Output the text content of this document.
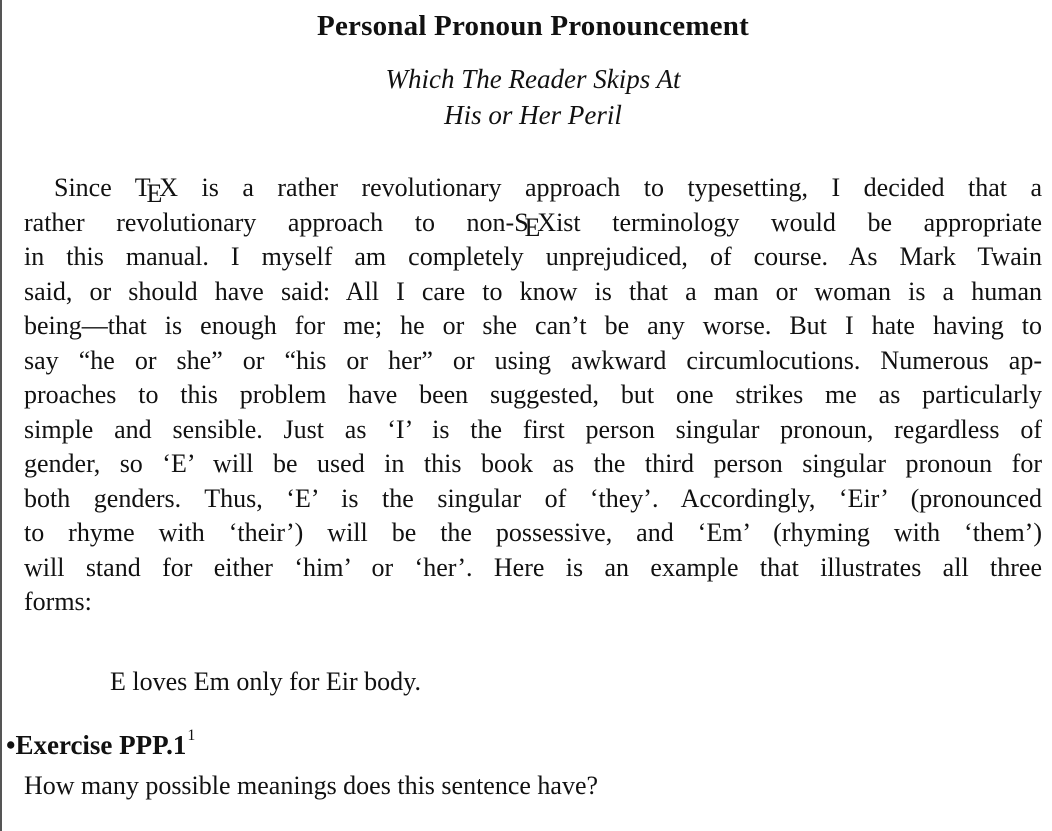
Personal Pronoun Pronouncement
Which The Reader Skips At
His or Her Peril
Since TEX is a rather revolutionary approach to typesetting, I decided that a
rather revolutionary approach to non-SEXist terminology would be appropriate
in this manual. I myself am completely unprejudiced, of course. As Mark Twain
said, or should have said: All I care to know is that a man or woman is a human
being—that is enough for me; he or she can’t be any worse. But I hate having to
say “he or she” or “his or her” or using awkward circumlocutions. Numerous ap-
proaches to this problem have been suggested, but one strikes me as particularly
simple and sensible. Just as ‘I’ is the first person singular pronoun, regardless of
gender, so ‘E’ will be used in this book as the third person singular pronoun for
both genders. Thus, ‘E’ is the singular of ‘they’. Accordingly, ‘Eir’ (pronounced
to rhyme with ‘their’) will be the possessive, and ‘Em’ (rhyming with ‘them’)
will stand for either ‘him’ or ‘her’. Here is an example that illustrates all three
forms:
E loves Em only for Eir body.
•Exercise $PPP.1^1$
How many possible meanings does this sentence have?
